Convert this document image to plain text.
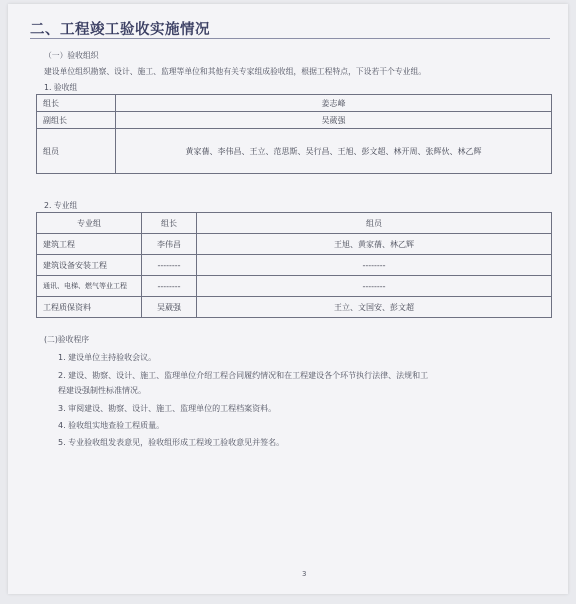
二、工程竣工验收实施情况
（一）验收组织
建设单位组织勘察、设计、施工、监理等单位和其他有关专家组成验收组，根据工程特点，下设若干个专业组。
1. 验收组
组长	姜志峰
副组长	吴葳强
组员	黄家蒨、李伟昌、王立、范思斯、吴行昌、王旭、彭文超、林开周、张辉伙、林乙辉
2. 专业组
专业组	组长	组员
建筑工程	李伟昌	王旭、黄家蒨、林乙辉
建筑设备安装工程	--------	--------
通讯、电梯、燃气等业工程	--------	--------
工程质保资料	吴葳强	王立、文国安、彭文超
(二)验收程序
1. 建设单位主持验收会议。
2. 建设、勘察、设计、施工、监理单位介绍工程合同履约情况和在工程建设各个环节执行法律、法规和工
程建设强制性标准情况。
3. 审阅建设、勘察、设计、施工、监理单位的工程档案资料。
4. 验收组实地查验工程质量。
5. 专业验收组发表意见，验收组形成工程竣工验收意见并签名。
3
